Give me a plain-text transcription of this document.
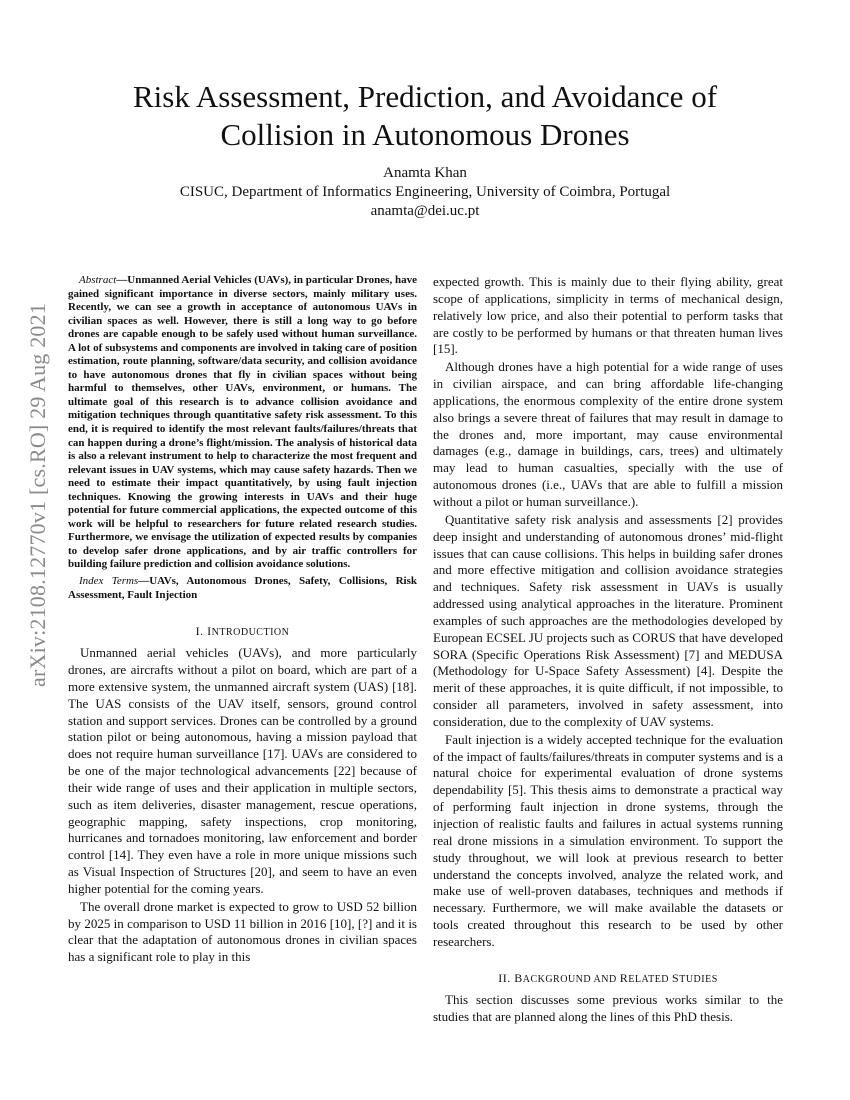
arXiv:2108.12770v1 [cs.RO] 29 Aug 2021
Risk Assessment, Prediction, and Avoidance of
Collision in Autonomous Drones
Anamta Khan
CISUC, Department of Informatics Engineering, University of Coimbra, Portugal
anamta@dei.uc.pt

Abstract—Unmanned Aerial Vehicles (UAVs), in particular Drones, have gained significant importance in diverse sectors, mainly military uses. Recently, we can see a growth in acceptance of autonomous UAVs in civilian spaces as well. However, there is still a long way to go before drones are capable enough to be safely used without human surveillance. A lot of subsystems and components are involved in taking care of position estimation, route planning, software/data security, and collision avoidance to have autonomous drones that fly in civilian spaces without being harmful to themselves, other UAVs, environment, or humans. The ultimate goal of this research is to advance collision avoidance and mitigation techniques through quantitative safety risk assessment. To this end, it is required to identify the most relevant faults/failures/threats that can happen during a drone’s flight/mission. The analysis of historical data is also a relevant instrument to help to characterize the most frequent and relevant issues in UAV systems, which may cause safety hazards. Then we need to estimate their impact quantitatively, by using fault injection techniques. Knowing the growing interests in UAVs and their huge potential for future commercial applications, the expected outcome of this work will be helpful to researchers for future related research studies. Furthermore, we envisage the utilization of expected results by companies to develop safer drone applications, and by air traffic controllers for building failure prediction and collision avoidance solutions.

Index Terms—UAVs, Autonomous Drones, Safety, Collisions, Risk Assessment, Fault Injection

I. INTRODUCTION

Unmanned aerial vehicles (UAVs), and more particularly drones, are aircrafts without a pilot on board, which are part of a more extensive system, the unmanned aircraft system (UAS) [18]. The UAS consists of the UAV itself, sensors, ground control station and support services. Drones can be controlled by a ground station pilot or being autonomous, having a mission payload that does not require human surveillance [17]. UAVs are considered to be one of the major technological advancements [22] because of their wide range of uses and their application in multiple sectors, such as item deliveries, disaster management, rescue operations, geographic mapping, safety inspections, crop monitoring, hurricanes and tornadoes monitoring, law enforcement and border control [14]. They even have a role in more unique missions such as Visual Inspection of Structures [20], and seem to have an even higher potential for the coming years.

The overall drone market is expected to grow to USD 52 billion by 2025 in comparison to USD 11 billion in 2016 [10], [?] and it is clear that the adaptation of autonomous drones in civilian spaces has a significant role to play in this

expected growth. This is mainly due to their flying ability, great scope of applications, simplicity in terms of mechanical design, relatively low price, and also their potential to perform tasks that are costly to be performed by humans or that threaten human lives [15].

Although drones have a high potential for a wide range of uses in civilian airspace, and can bring affordable life-changing applications, the enormous complexity of the entire drone system also brings a severe threat of failures that may result in damage to the drones and, more important, may cause environmental damages (e.g., damage in buildings, cars, trees) and ultimately may lead to human casualties, specially with the use of autonomous drones (i.e., UAVs that are able to fulfill a mission without a pilot or human surveillance.).

Quantitative safety risk analysis and assessments [2] provides deep insight and understanding of autonomous drones’ mid-flight issues that can cause collisions. This helps in building safer drones and more effective mitigation and collision avoidance strategies and techniques. Safety risk assessment in UAVs is usually addressed using analytical approaches in the literature. Prominent examples of such approaches are the methodologies developed by European ECSEL JU projects such as CORUS that have developed SORA (Specific Operations Risk Assessment) [7] and MEDUSA (Methodology for U-Space Safety Assessment) [4]. Despite the merit of these approaches, it is quite difficult, if not impossible, to consider all parameters, involved in safety assessment, into consideration, due to the complexity of UAV systems.

Fault injection is a widely accepted technique for the evaluation of the impact of faults/failures/threats in computer systems and is a natural choice for experimental evaluation of drone systems dependability [5]. This thesis aims to demonstrate a practical way of performing fault injection in drone systems, through the injection of realistic faults and failures in actual systems running real drone missions in a simulation environment. To support the study throughout, we will look at previous research to better understand the concepts involved, analyze the related work, and make use of well-proven databases, techniques and methods if necessary. Furthermore, we will make available the datasets or tools created throughout this research to be used by other researchers.

II. BACKGROUND AND RELATED STUDIES

This section discusses some previous works similar to the studies that are planned along the lines of this PhD thesis.
